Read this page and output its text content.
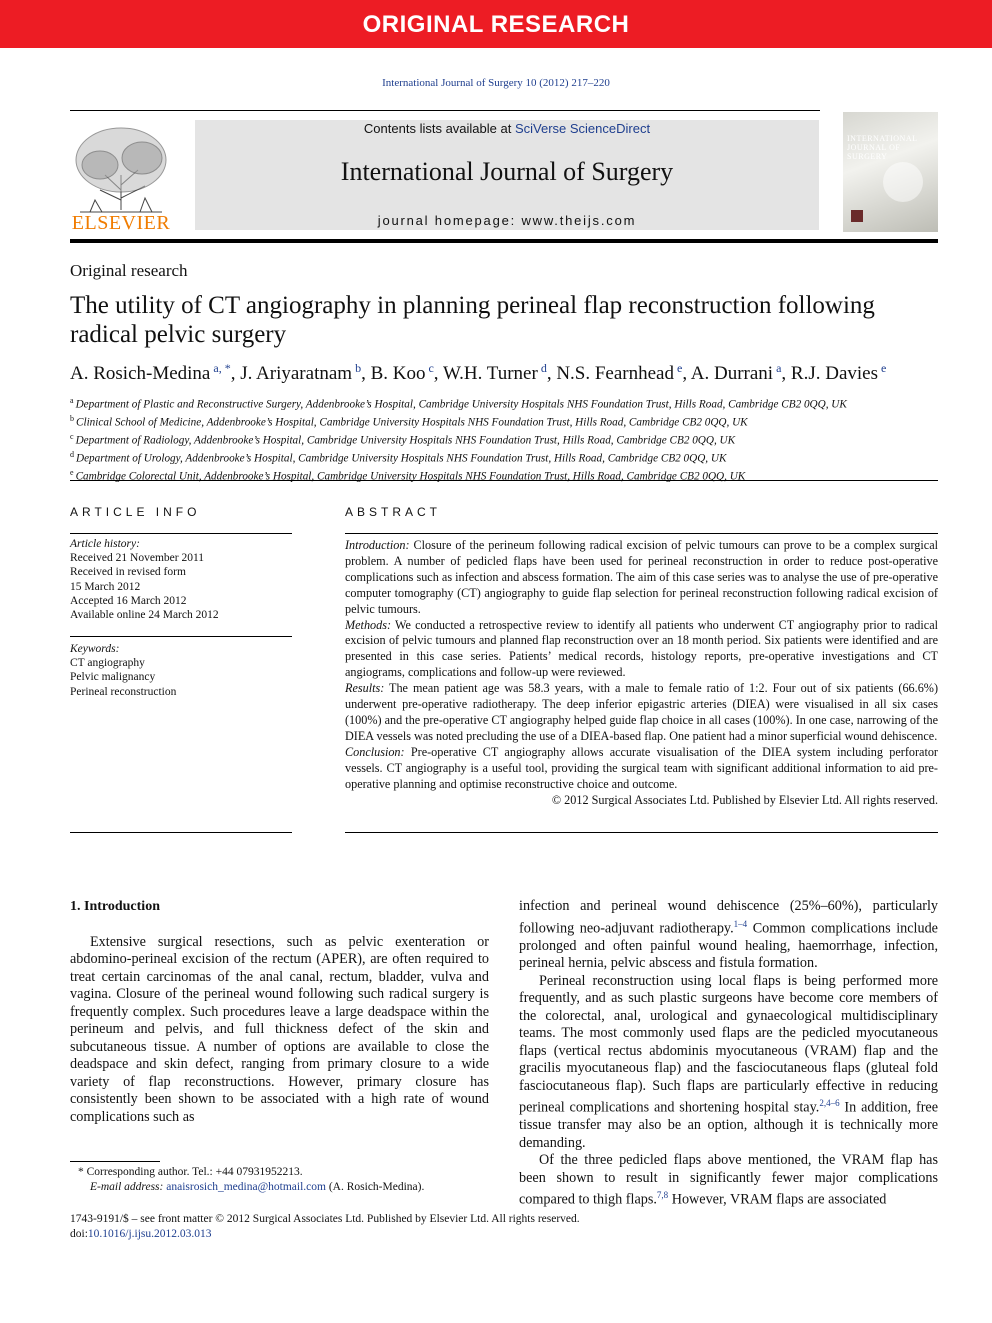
ORIGINAL RESEARCH
International Journal of Surgery 10 (2012) 217–220
ELSEVIER
Contents lists available at SciVerse ScienceDirect
International Journal of Surgery
journal homepage: www.theijs.com
INTERNATIONAL JOURNAL OF SURGERY
Original research
The utility of CT angiography in planning perineal flap reconstruction following radical pelvic surgery
A. Rosich-Medina $^{a, *}$, J. Ariyaratnam $^b$, B. Koo $^c$, W.H. Turner $^d$, N.S. Fearnhead $^e$, A. Durrani $^a$, R.J. Davies $^e$
$^a$ Department of Plastic and Reconstructive Surgery, Addenbrooke’s Hospital, Cambridge University Hospitals NHS Foundation Trust, Hills Road, Cambridge CB2 0QQ, UK
$^b$ Clinical School of Medicine, Addenbrooke’s Hospital, Cambridge University Hospitals NHS Foundation Trust, Hills Road, Cambridge CB2 0QQ, UK
$^c$ Department of Radiology, Addenbrooke’s Hospital, Cambridge University Hospitals NHS Foundation Trust, Hills Road, Cambridge CB2 0QQ, UK
$^d$ Department of Urology, Addenbrooke’s Hospital, Cambridge University Hospitals NHS Foundation Trust, Hills Road, Cambridge CB2 0QQ, UK
$^e$ Cambridge Colorectal Unit, Addenbrooke’s Hospital, Cambridge University Hospitals NHS Foundation Trust, Hills Road, Cambridge CB2 0QQ, UK
ARTICLE INFO
Article history:
Received 21 November 2011
Received in revised form
15 March 2012
Accepted 16 March 2012
Available online 24 March 2012
Keywords:
CT angiography
Pelvic malignancy
Perineal reconstruction
ABSTRACT

Introduction: Closure of the perineum following radical excision of pelvic tumours can prove to be a complex surgical problem. A number of pedicled flaps have been used for perineal reconstruction in order to reduce post-operative complications such as infection and abscess formation. The aim of this case series was to analyse the use of pre-operative computer tomography (CT) angiography to guide flap selection for perineal reconstruction following radical excision of pelvic tumours.

Methods: We conducted a retrospective review to identify all patients who underwent CT angiography prior to radical excision of pelvic tumours and planned flap reconstruction over an 18 month period. Six patients were identified and are presented in this case series. Patients’ medical records, histology reports, pre-operative investigations and CT angiograms, complications and follow-up were reviewed.

Results: The mean patient age was 58.3 years, with a male to female ratio of 1:2. Four out of six patients (66.6%) underwent pre-operative radiotherapy. The deep inferior epigastric arteries (DIEA) were visualised in all six cases (100%) and the pre-operative CT angiography helped guide flap choice in all cases (100%). In one case, narrowing of the DIEA vessels was noted precluding the use of a DIEA-based flap. One patient had a minor superficial wound dehiscence.

Conclusion: Pre-operative CT angiography allows accurate visualisation of the DIEA system including perforator vessels. CT angiography is a useful tool, providing the surgical team with significant additional information to aid pre-operative planning and optimise reconstructive choice and outcome.

© 2012 Surgical Associates Ltd. Published by Elsevier Ltd. All rights reserved.

1. Introduction

Extensive surgical resections, such as pelvic exenteration or abdomino-perineal excision of the rectum (APER), are often required to treat certain carcinomas of the anal canal, rectum, bladder, vulva and vagina. Closure of the perineal wound following such radical surgery is frequently complex. Such procedures leave a large deadspace within the perineum and pelvis, and full thickness defect of the skin and subcutaneous tissue. A number of options are available to close the deadspace and skin defect, ranging from primary closure to a wide variety of flap reconstructions. However, primary closure has consistently been shown to be associated with a high rate of wound complications such as

infection and perineal wound dehiscence (25%–60%), particularly following neo-adjuvant radiotherapy.$^{1-4}$ Common complications include prolonged and often painful wound healing, haemorrhage, infection, perineal hernia, pelvic abscess and fistula formation.

Perineal reconstruction using local flaps is being performed more frequently, and as such plastic surgeons have become core members of the colorectal, anal, urological and gynaecological multidisciplinary teams. The most commonly used flaps are the pedicled myocutaneous flaps (vertical rectus abdominis myocutaneous (VRAM) flap and the gracilis myocutaneous flap) and the fasciocutaneous flaps (gluteal fold fasciocutaneous flap). Such flaps are particularly effective in reducing perineal complications and shortening hospital stay.$^{2,4-6}$ In addition, free tissue transfer may also be an option, although it is technically more demanding.

Of the three pedicled flaps above mentioned, the VRAM flap has been shown to result in significantly fewer major complications compared to thigh flaps.$^{7,8}$ However, VRAM flaps are associated

* Corresponding author. Tel.: +44 07931952213.
E-mail address: anaisrosich_medina@hotmail.com (A. Rosich-Medina).
1743-9191/$ – see front matter © 2012 Surgical Associates Ltd. Published by Elsevier Ltd. All rights reserved.
doi:10.1016/j.ijsu.2012.03.013
